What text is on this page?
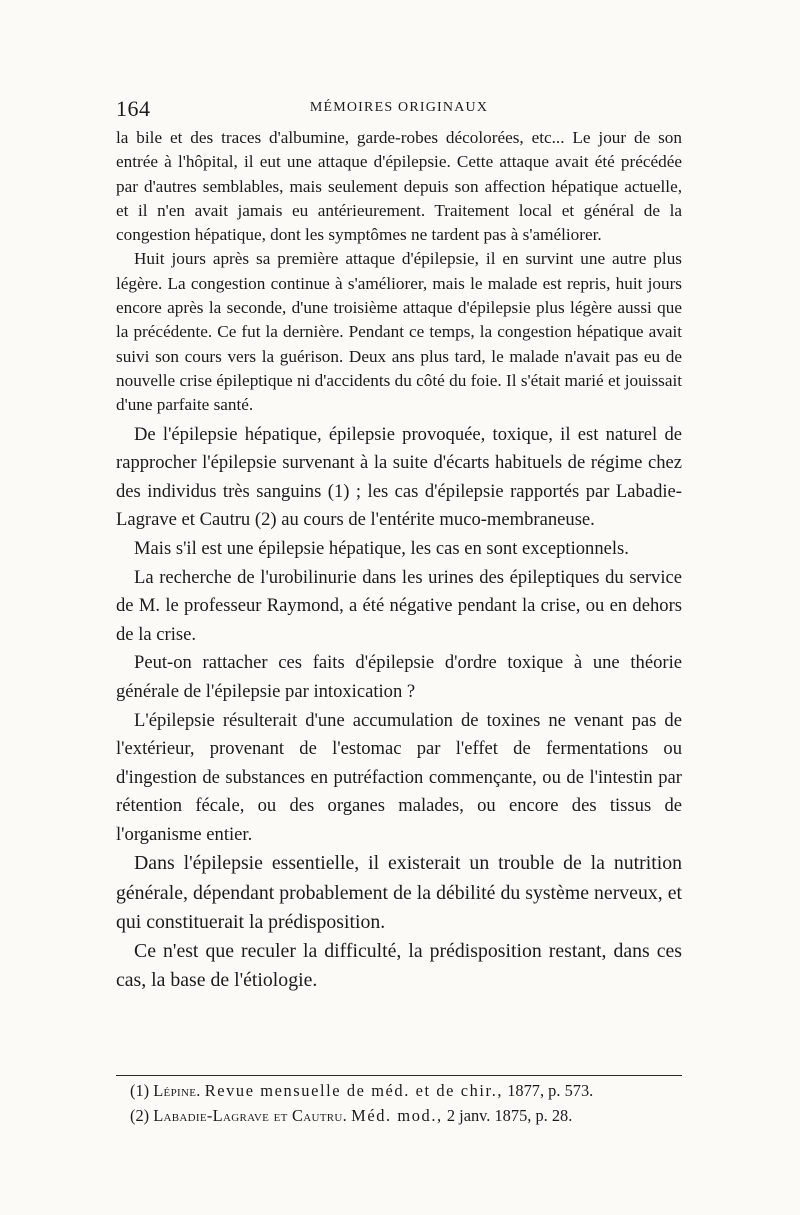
164	MÉMOIRES ORIGINAUX

la bile et des traces d'albumine, garde-robes décolorées, etc... Le jour de son entrée à l'hôpital, il eut une attaque d'épilepsie. Cette attaque avait été précédée par d'autres semblables, mais seulement depuis son affection hépatique actuelle, et il n'en avait jamais eu antérieurement. Traitement local et général de la congestion hépatique, dont les symptômes ne tardent pas à s'améliorer.

Huit jours après sa première attaque d'épilepsie, il en survint une autre plus légère. La congestion continue à s'améliorer, mais le malade est repris, huit jours encore après la seconde, d'une troisième attaque d'épilepsie plus légère aussi que la précédente. Ce fut la dernière. Pendant ce temps, la congestion hépatique avait suivi son cours vers la guérison. Deux ans plus tard, le malade n'avait pas eu de nouvelle crise épileptique ni d'accidents du côté du foie. Il s'était marié et jouissait d'une parfaite santé.

De l'épilepsie hépatique, épilepsie provoquée, toxique, il est naturel de rapprocher l'épilepsie survenant à la suite d'écarts habituels de régime chez des individus très sanguins (1) ; les cas d'épilepsie rapportés par Labadie-Lagrave et Cautru (2) au cours de l'entérite muco-membraneuse.

Mais s'il est une épilepsie hépatique, les cas en sont exceptionnels.

La recherche de l'urobilinurie dans les urines des épileptiques du service de M. le professeur Raymond, a été négative pendant la crise, ou en dehors de la crise.

Peut-on rattacher ces faits d'épilepsie d'ordre toxique à une théorie générale de l'épilepsie par intoxication ?

L'épilepsie résulterait d'une accumulation de toxines ne venant pas de l'extérieur, provenant de l'estomac par l'effet de fermentations ou d'ingestion de substances en putréfaction commençante, ou de l'intestin par rétention fécale, ou des organes malades, ou encore des tissus de l'organisme entier.

Dans l'épilepsie essentielle, il existerait un trouble de la nutrition générale, dépendant probablement de la débilité du système nerveux, et qui constituerait la prédisposition.

Ce n'est que reculer la difficulté, la prédisposition restant, dans ces cas, la base de l'étiologie.

(1) Lépine. Revue mensuelle de méd. et de chir., 1877, p. 573.
(2) Labadie-Lagrave et Cautru. Méd. mod., 2 janv. 1875, p. 28.
